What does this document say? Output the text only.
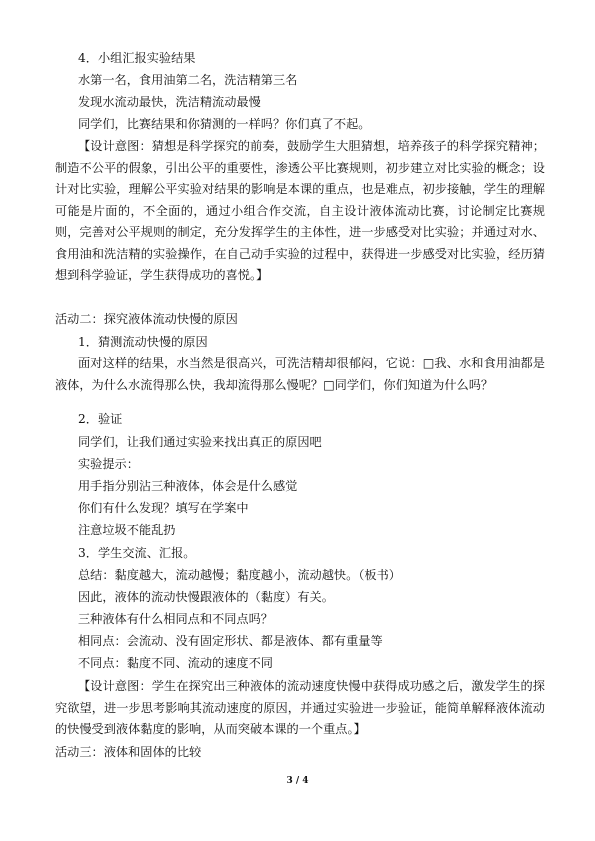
4．小组汇报实验结果
水第一名，食用油第二名，洗洁精第三名
发现水流动最快，洗洁精流动最慢
同学们，比赛结果和你猜测的一样吗？你们真了不起。
【设计意图：猜想是科学探究的前奏，鼓励学生大胆猜想，培养孩子的科学探究精神；制造不公平的假象，引出公平的重要性，渗透公平比赛规则，初步建立对比实验的概念；设计对比实验，理解公平实验对结果的影响是本课的重点，也是难点，初步接触，学生的理解可能是片面的，不全面的，通过小组合作交流，自主设计液体流动比赛，讨论制定比赛规则，完善对公平规则的制定，充分发挥学生的主体性，进一步感受对比实验；并通过对水、食用油和洗洁精的实验操作，在自己动手实验的过程中，获得进一步感受对比实验，经历猜想到科学验证，学生获得成功的喜悦。】
活动二：探究液体流动快慢的原因
1．猜测流动快慢的原因
面对这样的结果，水当然是很高兴，可洗洁精却很郁闷，它说：□我、水和食用油都是液体，为什么水流得那么快，我却流得那么慢呢？□同学们，你们知道为什么吗？
2．验证
同学们，让我们通过实验来找出真正的原因吧
实验提示：
用手指分别沾三种液体，体会是什么感觉
你们有什么发现？填写在学案中
注意垃圾不能乱扔
3．学生交流、汇报。
总结：黏度越大，流动越慢；黏度越小，流动越快。（板书）
因此，液体的流动快慢跟液体的（黏度）有关。
三种液体有什么相同点和不同点吗？
相同点：会流动、没有固定形状、都是液体、都有重量等
不同点：黏度不同、流动的速度不同
【设计意图：学生在探究出三种液体的流动速度快慢中获得成功感之后，激发学生的探究欲望，进一步思考影响其流动速度的原因，并通过实验进一步验证，能简单解释液体流动的快慢受到液体黏度的影响，从而突破本课的一个重点。】
活动三：液体和固体的比较
3 / 4
